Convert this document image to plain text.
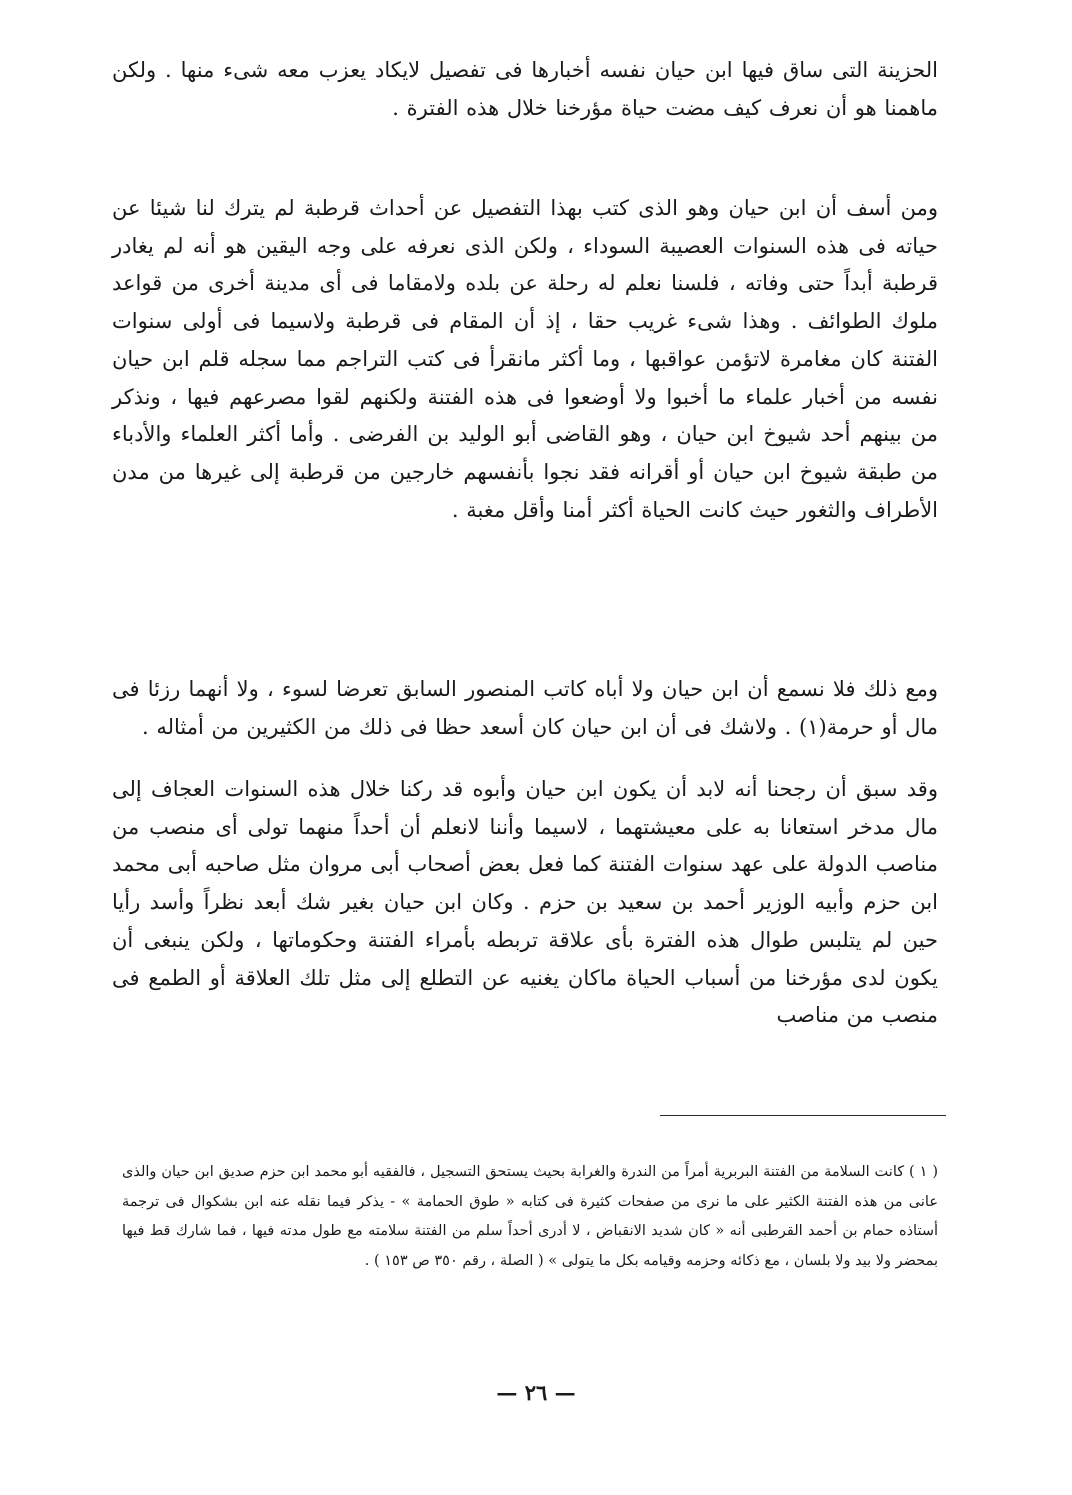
الحزينة التى ساق فيها ابن حيان نفسه أخبارها فى تفصيل لايكاد يعزب معه شىء منها . ولكن ماهمنا هو أن نعرف كيف مضت حياة مؤرخنا خلال هذه الفترة .
ومن أسف أن ابن حيان وهو الذى كتب بهذا التفصيل عن أحداث قرطبة لم يترك لنا شيئا عن حياته فى هذه السنوات العصيبة السوداء ، ولكن الذى نعرفه على وجه اليقين هو أنه لم يغادر قرطبة أبداً حتى وفاته ، فلسنا نعلم له رحلة عن بلده ولامقاما فى أى مدينة أخرى من قواعد ملوك الطوائف . وهذا شىء غريب حقا ، إذ أن المقام فى قرطبة ولاسيما فى أولى سنوات الفتنة كان مغامرة لاتؤمن عواقبها ، وما أكثر مانقرأ فى كتب التراجم مما سجله قلم ابن حيان نفسه من أخبار علماء ما أخبوا ولا أوضعوا فى هذه الفتنة ولكنهم لقوا مصرعهم فيها ، ونذكر من بينهم أحد شيوخ ابن حيان ، وهو القاضى أبو الوليد بن الفرضى . وأما أكثر العلماء والأدباء من طبقة شيوخ ابن حيان أو أقرانه فقد نجوا بأنفسهم خارجين من قرطبة إلى غيرها من مدن الأطراف والثغور حيث كانت الحياة أكثر أمنا وأقل مغبة .
ومع ذلك فلا نسمع أن ابن حيان ولا أباه كاتب المنصور السابق تعرضا لسوء ، ولا أنهما رزئا فى مال أو حرمة(١) . ولاشك فى أن ابن حيان كان أسعد حظا فى ذلك من الكثيرين من أمثاله .
وقد سبق أن رجحنا أنه لابد أن يكون ابن حيان وأبوه قد ركنا خلال هذه السنوات العجاف إلى مال مدخر استعانا به على معيشتهما ، لاسيما وأننا لانعلم أن أحداً منهما تولى أى منصب من مناصب الدولة على عهد سنوات الفتنة كما فعل بعض أصحاب أبى مروان مثل صاحبه أبى محمد ابن حزم وأبيه الوزير أحمد بن سعيد بن حزم . وكان ابن حيان بغير شك أبعد نظراً وأسد رأيا حين لم يتلبس طوال هذه الفترة بأى علاقة تربطه بأمراء الفتنة وحكوماتها ، ولكن ينبغى أن يكون لدى مؤرخنا من أسباب الحياة ماكان يغنيه عن التطلع إلى مثل تلك العلاقة أو الطمع فى منصب من مناصب
( ١ ) كانت السلامة من الفتنة البربرية أمراً من الندرة والغرابة بحيث يستحق التسجيل ، فالفقيه أبو محمد ابن حزم صديق ابن حيان والذى عانى من هذه الفتنة الكثير على ما نرى من صفحات كثيرة فى كتابه « طوق الحمامة » - يذكر فيما نقله عنه ابن بشكوال فى ترجمة أستاذه حمام بن أحمد القرطبى أنه « كان شديد الانقباض ، لا أدرى أحداً سلم من الفتنة سلامته مع طول مدته فيها ، فما شارك قط فيها بمحضر ولا بيد ولا بلسان ، مع ذكائه وحزمه وقيامه بكل ما يتولى » ( الصلة ، رقم ٣٥٠ ص ١٥٣ ) .
— ٢٦ —
